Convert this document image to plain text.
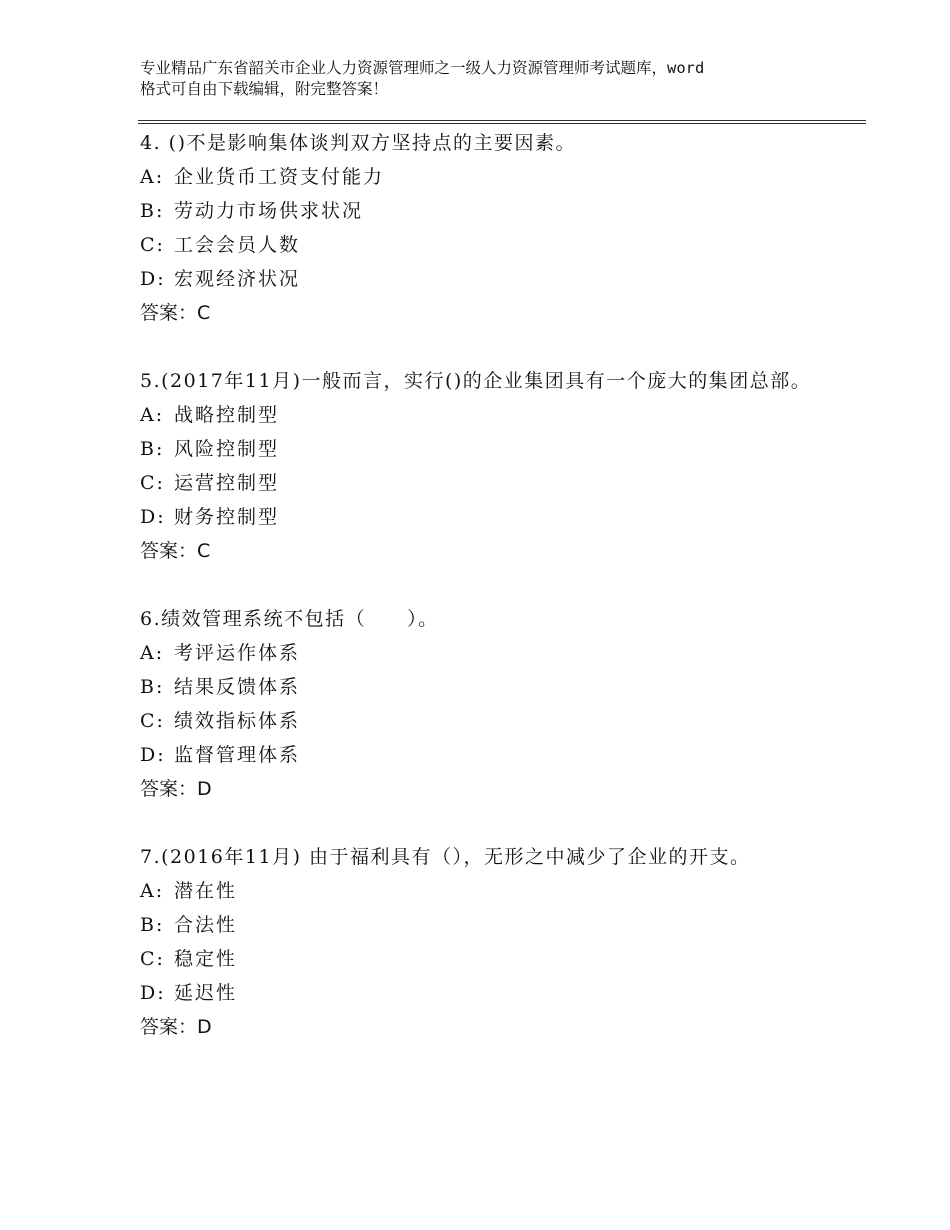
专业精品广东省韶关市企业人力资源管理师之一级人力资源管理师考试题库，word
格式可自由下载编辑，附完整答案！
4. ()不是影响集体谈判双方坚持点的主要因素。
A: 企业货币工资支付能力
B: 劳动力市场供求状况
C: 工会会员人数
D: 宏观经济状况
答案：C
5.(2017年11月)一般而言，实行()的企业集团具有一个庞大的集团总部。
A: 战略控制型
B: 风险控制型
C: 运营控制型
D: 财务控制型
答案：C
6.绩效管理系统不包括（　　）。
A: 考评运作体系
B: 结果反馈体系
C: 绩效指标体系
D: 监督管理体系
答案：D
7.(2016年11月) 由于福利具有（），无形之中减少了企业的开支。
A: 潜在性
B: 合法性
C: 稳定性
D: 延迟性
答案：D
